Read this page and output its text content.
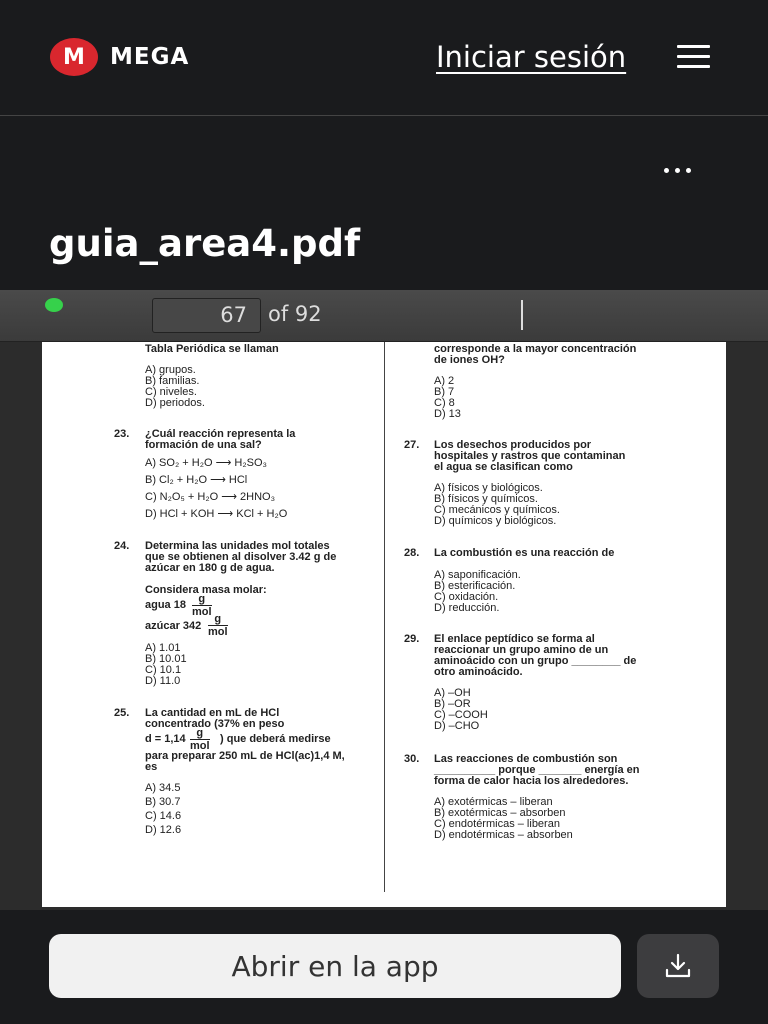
M	MEGA	Iniciar sesión
guia_area4.pdf
67	of 92
Tabla Periódica se llaman
A) grupos.
B) familias.
C) niveles.
D) periodos.
23. ¿Cuál reacción representa la
formación de una sal?
A) SO₂ + H₂O ⟶ H₂SO₃
B) Cl₂ + H₂O ⟶ HCl
C) N₂O₅ + H₂O ⟶ 2HNO₃
D) HCl + KOH ⟶ KCl + H₂O
24. Determina las unidades mol totales
que se obtienen al disolver 3.42 g de
azúcar en 180 g de agua.
Considera masa molar:
agua 18
azúcar 342
A) 1.01
B) 10.01
C) 10.1
D) 11.0
25. La cantidad en mL de HCl
concentrado (37% en peso
d = 1,14	) que deberá medirse
para preparar 250 mL de HCl(ac)1,4 M,
es
A) 34.5
B) 30.7
C) 14.6
D) 12.6
corresponde a la mayor concentración
de iones OH?
A) 2
B) 7
C) 8
D) 13
27. Los desechos producidos por
hospitales y rastros que contaminan
el agua se clasifican como
A) físicos y biológicos.
B) físicos y químicos.
C) mecánicos y químicos.
D) químicos y biológicos.
28. La combustión es una reacción de
A) saponificación.
B) esterificación.
C) oxidación.
D) reducción.
29. El enlace peptídico se forma al
reaccionar un grupo amino de un
aminoácido con un grupo ________ de
otro aminoácido.
A) –OH
B) –OR
C) –COOH
D) –CHO
30. Las reacciones de combustión son
__________ porque _______ energía en
forma de calor hacia los alrededores.
A) exotérmicas – liberan
B) exotérmicas – absorben
C) endotérmicas – liberan
D) endotérmicas – absorben
g
mol
g
mol
g
mol
Abrir en la app
